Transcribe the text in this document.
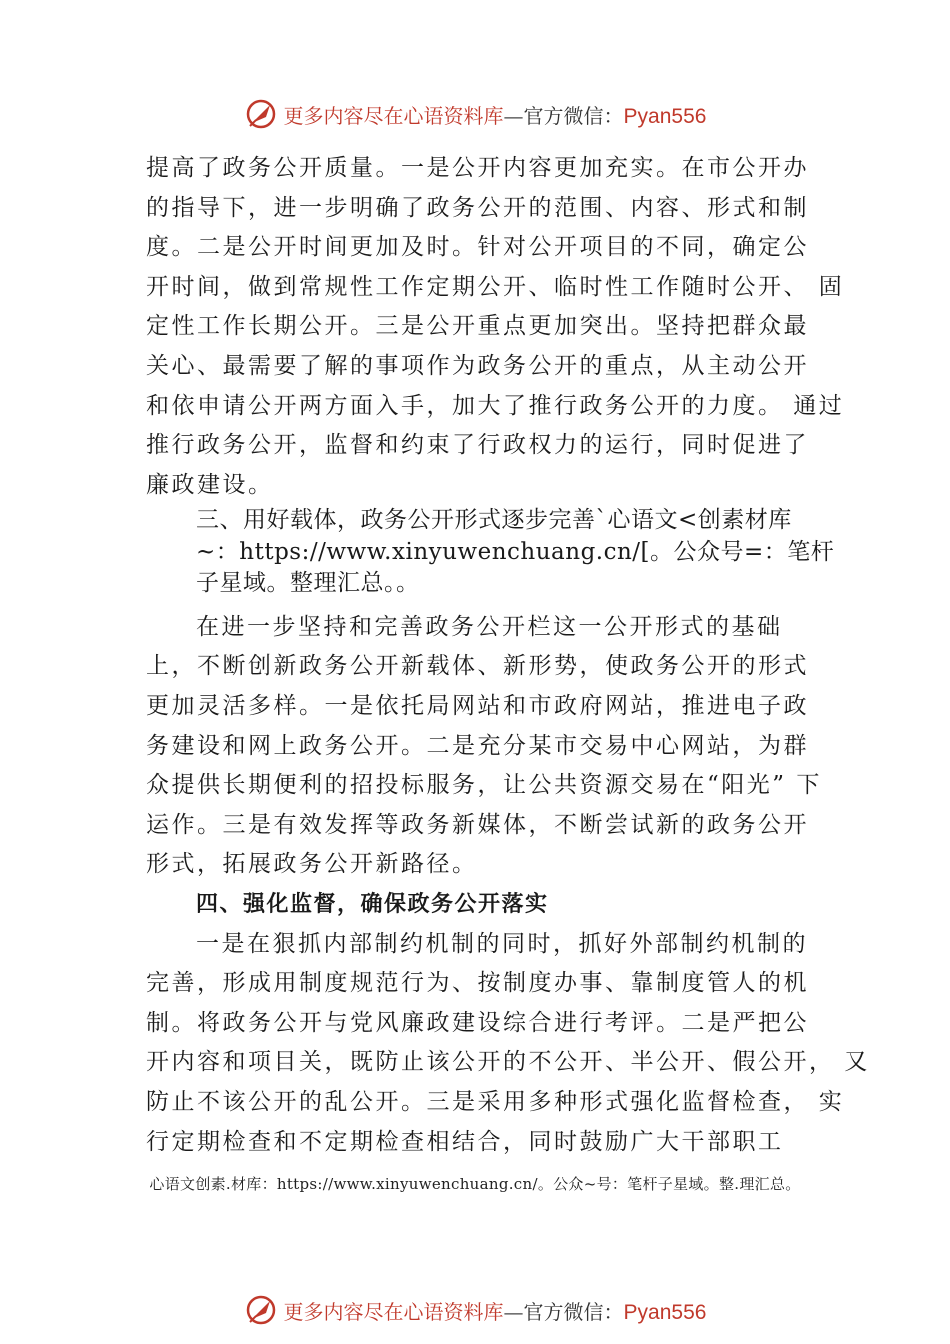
更多内容尽在心语资料库—官方微信：Pyan556
提高了政务公开质量。一是公开内容更加充实。在市公开办
的指导下，进一步明确了政务公开的范围、内容、形式和制
度。二是公开时间更加及时。针对公开项目的不同，确定公
开时间，做到常规性工作定期公开、临时性工作随时公开、 固
定性工作长期公开。三是公开重点更加突出。坚持把群众最
关心、最需要了解的事项作为政务公开的重点，从主动公开
和依申请公开两方面入手，加大了推行政务公开的力度。 通过
推行政务公开，监督和约束了行政权力的运行，同时促进了
廉政建设。
三、用好载体，政务公开形式逐步完善`心语文<创素材库
~：https://www.xinyuwenchuang.cn/[。公众号=：笔杆
子星域。整理汇总。。
在进一步坚持和完善政务公开栏这一公开形式的基础
上，不断创新政务公开新载体、新形势，使政务公开的形式
更加灵活多样。一是依托局网站和市政府网站，推进电子政
务建设和网上政务公开。二是充分某市交易中心网站，为群
众提供长期便利的招投标服务，让公共资源交易在“阳光” 下
运作。三是有效发挥等政务新媒体，不断尝试新的政务公开
形式，拓展政务公开新路径。
四、强化监督，确保政务公开落实
一是在狠抓内部制约机制的同时，抓好外部制约机制的
完善，形成用制度规范行为、按制度办事、靠制度管人的机
制。将政务公开与党风廉政建设综合进行考评。二是严把公
开内容和项目关，既防止该公开的不公开、半公开、假公开， 又
防止不该公开的乱公开。三是采用多种形式强化监督检查， 实
行定期检查和不定期检查相结合，同时鼓励广大干部职工
心语文创素.材库：https://www.xinyuwenchuang.cn/。公众~号：笔杆子星域。整.理汇总。
更多内容尽在心语资料库—官方微信：Pyan556
